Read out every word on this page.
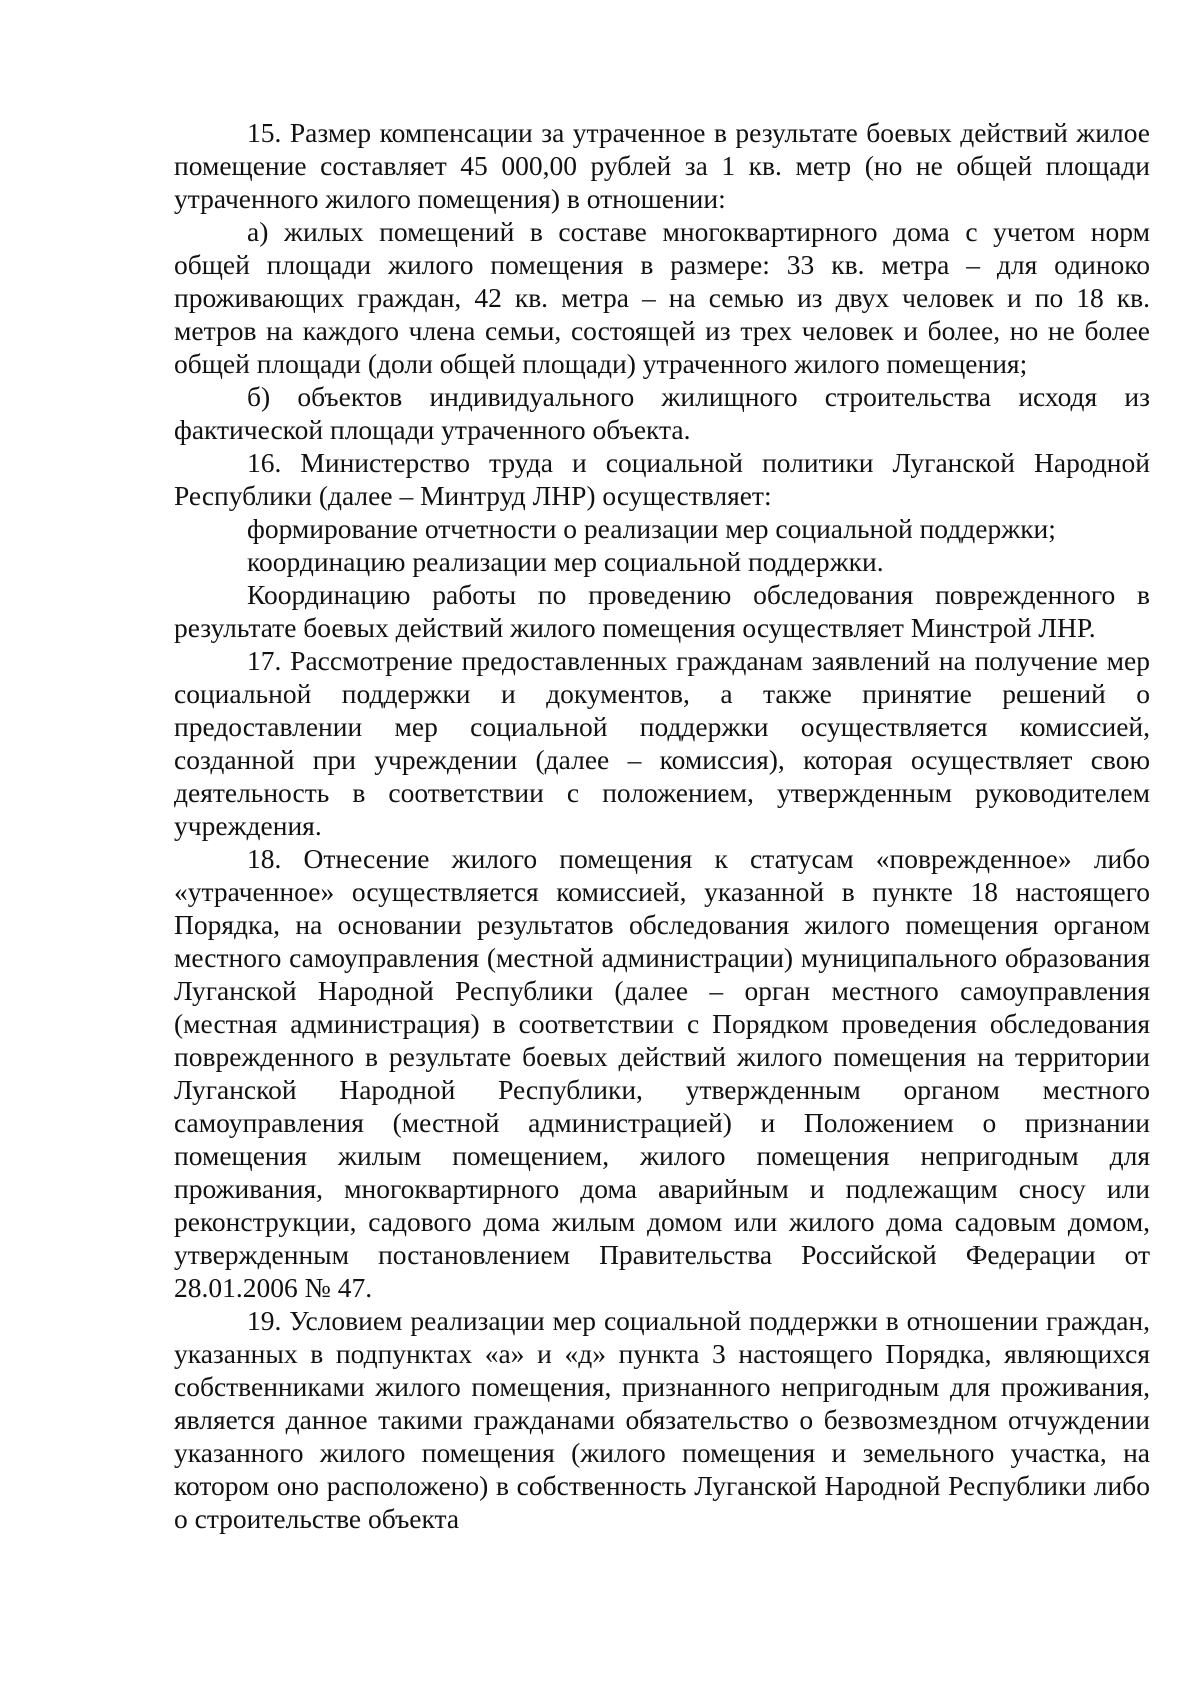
15. Размер компенсации за утраченное в результате боевых действий жилое помещение составляет 45 000,00 рублей за 1 кв. метр (но не общей площади утраченного жилого помещения) в отношении:

а) жилых помещений в составе многоквартирного дома с учетом норм общей площади жилого помещения в размере: 33 кв. метра – для одиноко проживающих граждан, 42 кв. метра – на семью из двух человек и по 18 кв. метров на каждого члена семьи, состоящей из трех человек и более, но не более общей площади (доли общей площади) утраченного жилого помещения;

б) объектов индивидуального жилищного строительства исходя из фактической площади утраченного объекта.

16. Министерство труда и социальной политики Луганской Народной Республики (далее – Минтруд ЛНР) осуществляет:

формирование отчетности о реализации мер социальной поддержки;

координацию реализации мер социальной поддержки.

Координацию работы по проведению обследования поврежденного в результате боевых действий жилого помещения осуществляет Минстрой ЛНР.

17. Рассмотрение предоставленных гражданам заявлений на получение мер социальной поддержки и документов, а также принятие решений о предоставлении мер социальной поддержки осуществляется комиссией, созданной при учреждении (далее – комиссия), которая осуществляет свою деятельность в соответствии с положением, утвержденным руководителем учреждения.

18. Отнесение жилого помещения к статусам «поврежденное» либо «утраченное» осуществляется комиссией, указанной в пункте 18 настоящего Порядка, на основании результатов обследования жилого помещения органом местного самоуправления (местной администрации) муниципального образования Луганской Народной Республики (далее – орган местного самоуправления (местная администрация) в соответствии с Порядком проведения обследования поврежденного в результате боевых действий жилого помещения на территории Луганской Народной Республики, утвержденным органом местного самоуправления (местной администрацией) и Положением о признании помещения жилым помещением, жилого помещения непригодным для проживания, многоквартирного дома аварийным и подлежащим сносу или реконструкции, садового дома жилым домом или жилого дома садовым домом, утвержденным постановлением Правительства Российской Федерации от 28.01.2006 № 47.

19. Условием реализации мер социальной поддержки в отношении граждан, указанных в подпунктах «а» и «д» пункта 3 настоящего Порядка, являющихся собственниками жилого помещения, признанного непригодным для проживания, является данное такими гражданами обязательство о безвозмездном отчуждении указанного жилого помещения (жилого помещения и земельного участка, на котором оно расположено) в собственность Луганской Народной Республики либо о строительстве объекта
